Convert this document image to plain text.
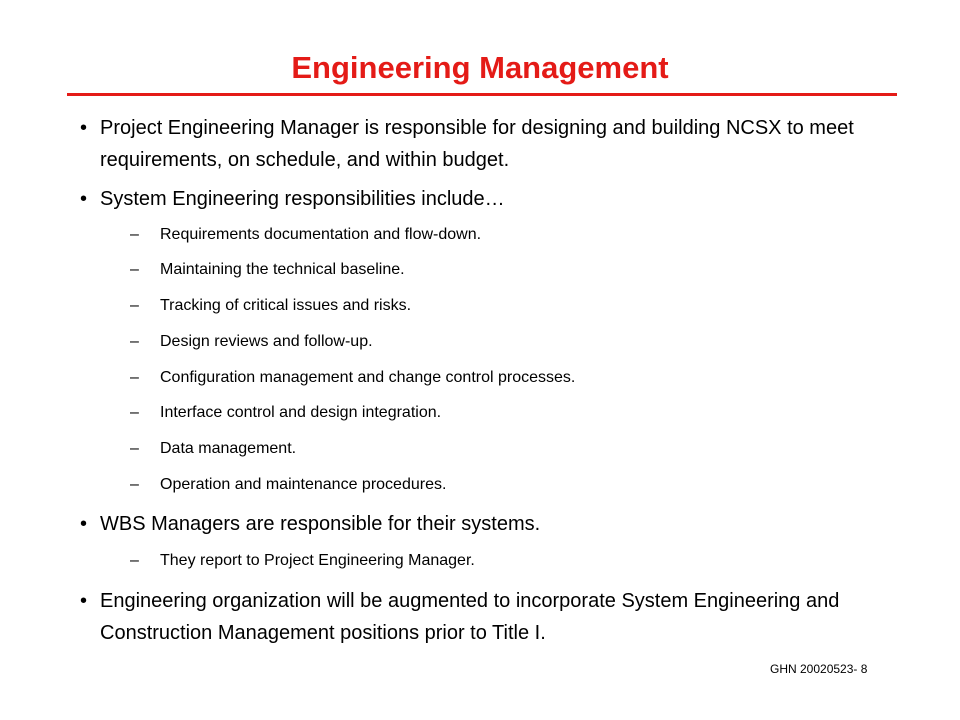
Engineering Management
• Project Engineering Manager is responsible for designing and building NCSX to meet requirements, on schedule, and within budget.
• System Engineering responsibilities include…
– Requirements documentation and flow-down.
– Maintaining the technical baseline.
– Tracking of critical issues and risks.
– Design reviews and follow-up.
– Configuration management and change control processes.
– Interface control and design integration.
– Data management.
– Operation and maintenance procedures.
• WBS Managers are responsible for their systems.
– They report to Project Engineering Manager.
• Engineering organization will be augmented to incorporate System Engineering and Construction Management positions prior to Title I.
GHN 20020523- 8
